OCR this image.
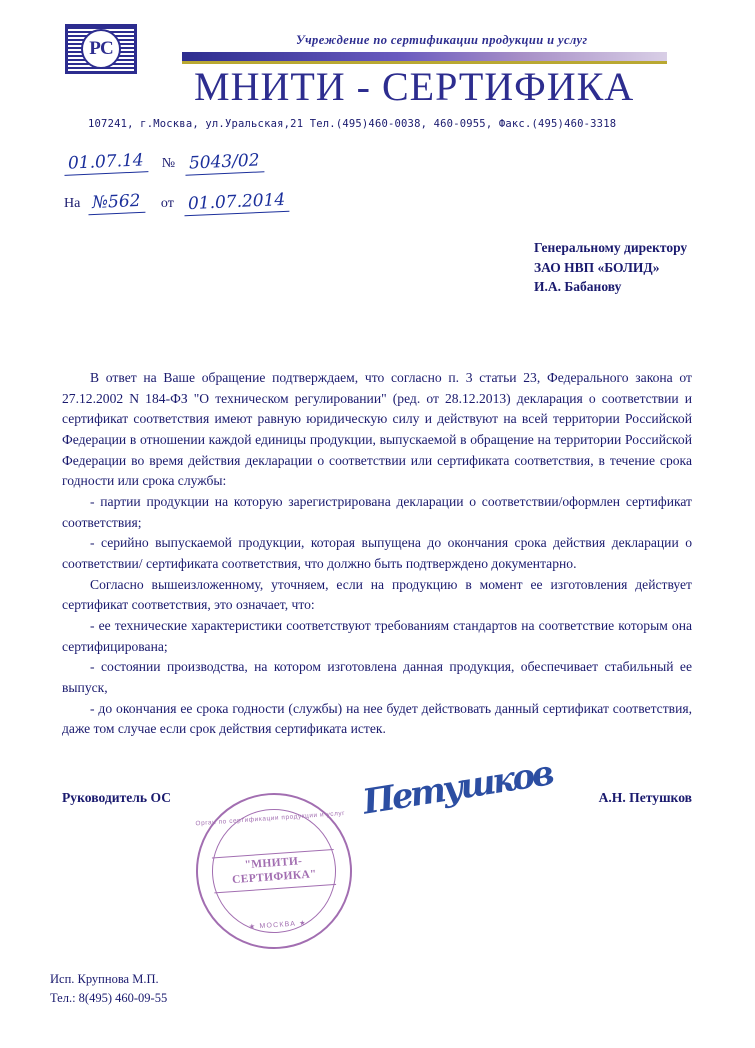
РС	Учреждение по сертификации продукции и услуг
МНИТИ - СЕРТИФИКА
107241, г.Москва, ул.Уральская,21 Тел.(495)460-0038, 460-0955, Факс.(495)460-3318
01.07.14 № 5043/02
На №562 от 01.07.2014
Генеральному директору
ЗАО НВП «БОЛИД»
И.А. Бабанову

В ответ на Ваше обращение подтверждаем, что согласно п. 3 статьи 23, Федерального закона от 27.12.2002 N 184-ФЗ "О техническом регулировании" (ред. от 28.12.2013) декларация о соответствии и сертификат соответствия имеют равную юридическую силу и действуют на всей территории Российской Федерации в отношении каждой единицы продукции, выпускаемой в обращение на территории Российской Федерации во время действия декларации о соответствии или сертификата соответствия, в течение срока годности или срока службы:

- партии продукции на которую зарегистрирована декларации о соответствии/оформлен сертификат соответствия;

- серийно выпускаемой продукции, которая выпущена до окончания срока действия декларации о соответствии/ сертификата соответствия, что должно быть подтверждено документарно.

Согласно вышеизложенному, уточняем, если на продукцию в момент ее изготовления действует сертификат соответствия, это означает, что:

- ее технические характеристики соответствуют требованиям стандартов на соответствие которым она сертифицирована;

- состоянии производства, на котором изготовлена данная продукция, обеспечивает стабильный ее выпуск,

- до окончания ее срока годности (службы) на нее будет действовать данный сертификат соответствия, даже том случае если срок действия сертификата истек.

Руководитель ОС	Петушков	А.Н. Петушков
Орган по сертификации продукции и услуг
"МНИТИ-СЕРТИФИКА"
★ МОСКВА ★
Исп. Крупнова М.П.
Тел.: 8(495) 460-09-55
